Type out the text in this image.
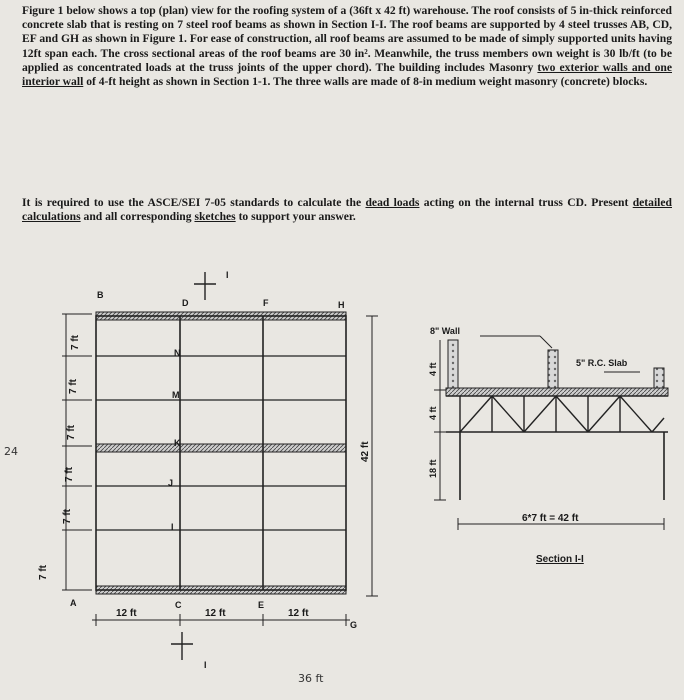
Figure 1 below shows a top (plan) view for the roofing system of a (36ft x 42 ft) warehouse. The roof consists of 5 in-thick reinforced concrete slab that is resting on 7 steel roof beams as shown in Section I-I. The roof beams are supported by 4 steel trusses AB, CD, EF and GH as shown in Figure 1. For ease of construction, all roof beams are assumed to be made of simply supported units having 12ft span each. The cross sectional areas of the roof beams are 30 in². Meanwhile, the truss members own weight is 30 lb/ft (to be applied as concentrated loads at the truss joints of the upper chord). The building includes Masonry two exterior walls and one interior wall of 4-ft height as shown in Section 1-1. The three walls are made of 8-in medium weight masonry (concrete) blocks.
It is required to use the ASCE/SEI 7-05 standards to calculate the dead loads acting on the internal truss CD. Present detailed calculations and all corresponding sketches to support your answer.
24
I
I
B
D	F	H
A	C	E
G
N
M
K
J
I
7 ft
7 ft
7 ft
7 ft
7 ft
7 ft
42 ft
12 ft	12 ft	12 ft
36 ft
8" Wall
5" R.C. Slab
4 ft
4 ft
18 ft
6*7 ft = 42 ft
Section I-I
